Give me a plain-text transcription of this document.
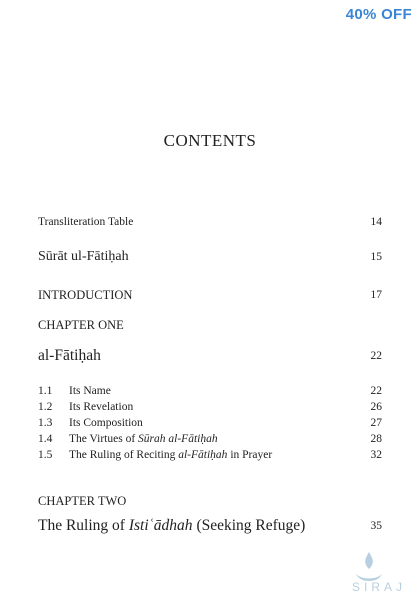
40% OFF
CONTENTS
Transliteration Table	14
Sūrāt ul-Fātiḥah	15
INTRODUCTION	17
CHAPTER ONE
al-Fātiḥah	22
1.1 Its Name	22
1.2 Its Revelation	26
1.3 Its Composition	27
1.4 The Virtues of Sūrah al-Fātiḥah	28
1.5 The Ruling of Reciting al-Fātiḥah in Prayer	32
CHAPTER TWO
The Ruling of Istiʿādhah (Seeking Refuge)	35
SIRAJ
